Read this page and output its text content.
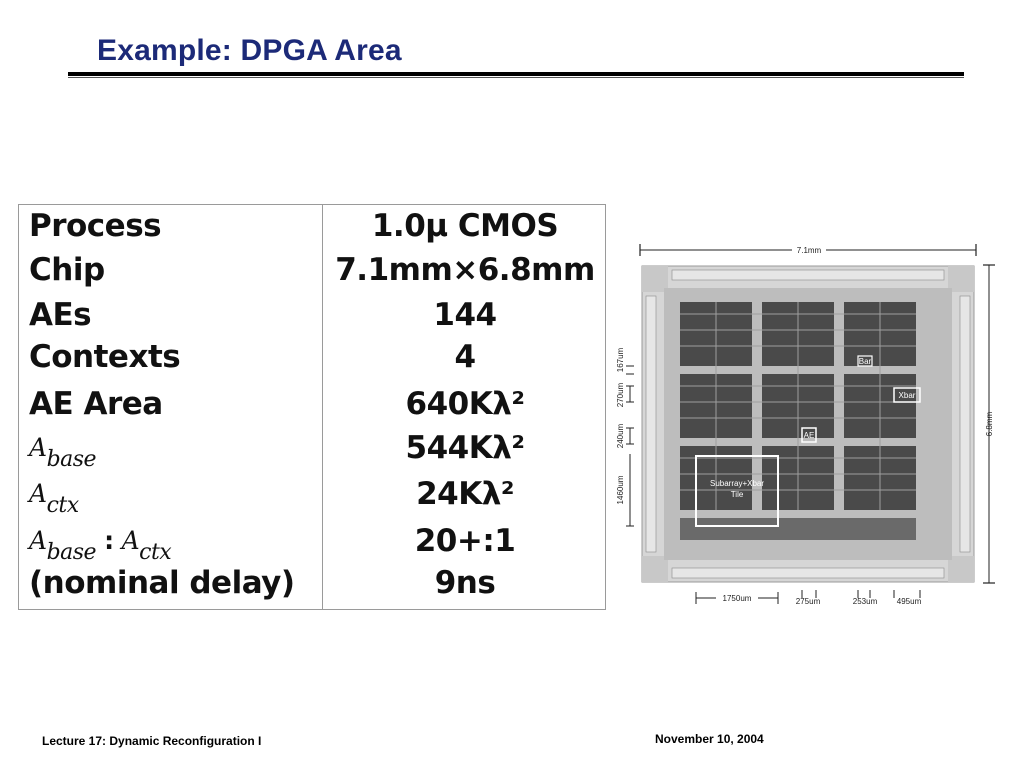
Example: DPGA Area
Process	1.0μ CMOS
Chip	7.1mm×6.8mm
AEs	144
Contexts	4
AE Area	640Kλ²
Abase	544Kλ²
Actx	24Kλ²
Abase : Actx	20+:1
(nominal delay)	9ns
7.1mm
6.8mm
Subarray+Xbar
Tile
Xbar
AE
Bar
167um
270um
240um
1460um
1750um	275um	253um 495um
Lecture 17: Dynamic Reconfiguration I	November 10, 2004
